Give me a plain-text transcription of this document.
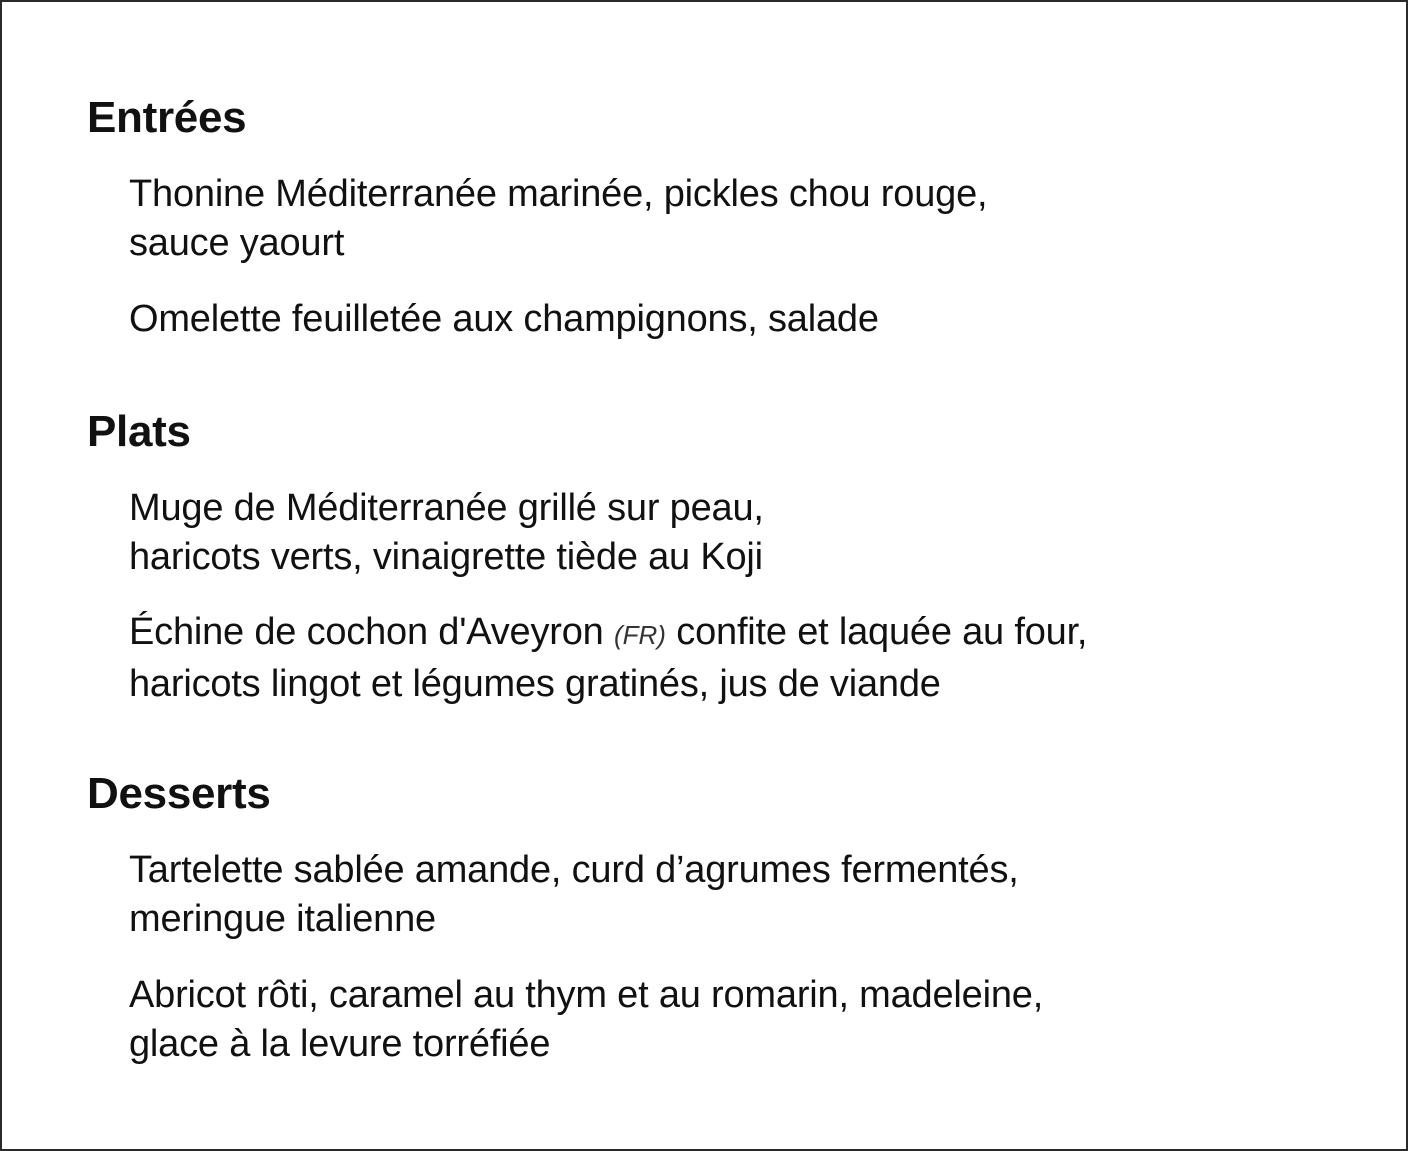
Entrées

Thonine Méditerranée marinée, pickles chou rouge,
sauce yaourt

Omelette feuilletée aux champignons, salade

Plats

Muge de Méditerranée grillé sur peau,
haricots verts, vinaigrette tiède au Koji

Échine de cochon d'Aveyron (FR) confite et laquée au four,
haricots lingot et légumes gratinés, jus de viande

Desserts

Tartelette sablée amande, curd d’agrumes fermentés,
meringue italienne

Abricot rôti, caramel au thym et au romarin, madeleine,
glace à la levure torréfiée
